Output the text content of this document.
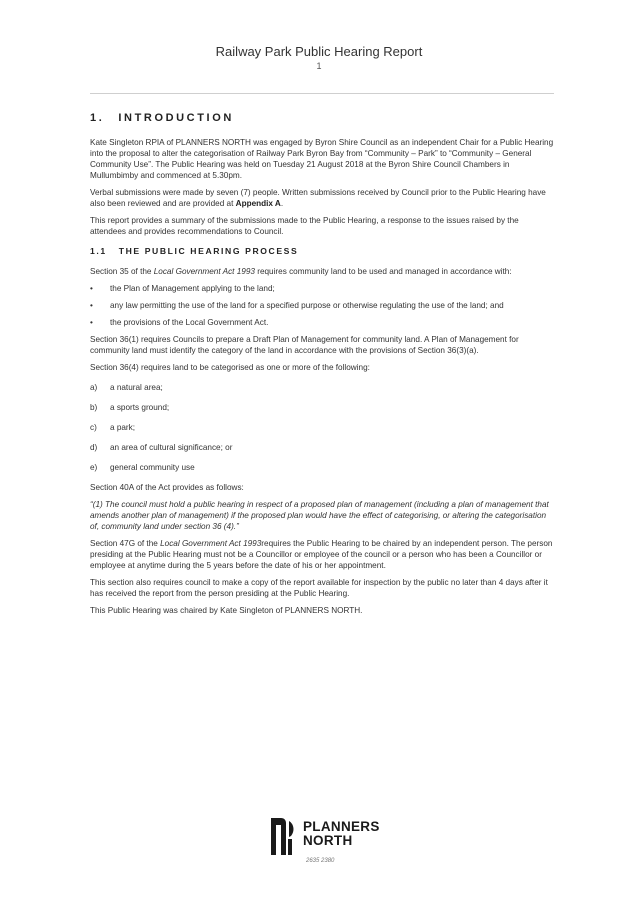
Railway Park Public Hearing Report
1
1. INTRODUCTION
Kate Singleton RPIA of PLANNERS NORTH was engaged by Byron Shire Council as an independent Chair for a Public Hearing into the proposal to alter the categorisation of Railway Park Byron Bay from “Community – Park” to “Community – General Community Use”. The Public Hearing was held on Tuesday 21 August 2018 at the Byron Shire Council Chambers in Mullumbimby and commenced at 5.30pm.
Verbal submissions were made by seven (7) people. Written submissions received by Council prior to the Public Hearing have also been reviewed and are provided at Appendix A.
This report provides a summary of the submissions made to the Public Hearing, a response to the issues raised by the attendees and provides recommendations to Council.
1.1 THE PUBLIC HEARING PROCESS
Section 35 of the Local Government Act 1993 requires community land to be used and managed in accordance with:
• the Plan of Management applying to the land;
• any law permitting the use of the land for a specified purpose or otherwise regulating the use of the land; and
• the provisions of the Local Government Act.
Section 36(1) requires Councils to prepare a Draft Plan of Management for community land. A Plan of Management for community land must identify the category of the land in accordance with the provisions of Section 36(3)(a).
Section 36(4) requires land to be categorised as one or more of the following:
a) a natural area;
b) a sports ground;
c) a park;
d) an area of cultural significance; or
e) general community use
Section 40A of the Act provides as follows:
“(1) The council must hold a public hearing in respect of a proposed plan of management (including a plan of management that amends another plan of management) if the proposed plan would have the effect of categorising, or altering the categorisation of, community land under section 36 (4).”
Section 47G of the Local Government Act 1993requires the Public Hearing to be chaired by an independent person. The person presiding at the Public Hearing must not be a Councillor or employee of the council or a person who has been a Councillor or employee at anytime during the 5 years before the date of his or her appointment.
This section also requires council to make a copy of the report available for inspection by the public no later than 4 days after it has received the report from the person presiding at the Public Hearing.
This Public Hearing was chaired by Kate Singleton of PLANNERS NORTH.
PLANNERS
NORTH
2635 2380
